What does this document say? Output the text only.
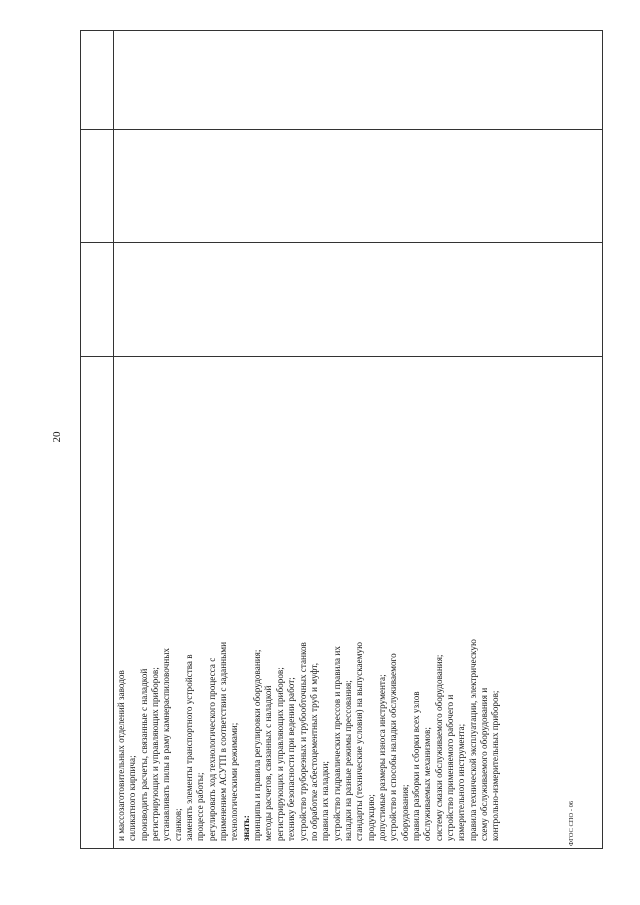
20
ФГОС СПО - 06
и массозаготовительных отделений заводов силикатного кирпича; производить расчеты, связанные с наладкой регистрирующих и управляющих приборов; устанавливать пилы в раму камнераспиловочных станков; заменять элементы транспортного устройства в процессе работы; регулировать ход технологического процесса с применением АСУТП в соответствии с заданными технологическими режимами; знать: принципы и правила регулировки оборудования; методы расчетов, связанных с наладкой регистрирующих и управляющих приборов; технику безопасности при ведении работ; устройство трубореэных и трубообточных станков по обработке асбестоцементных труб и муфт, правила их наладки; устройство гидравлических прессов и правила их наладки на разные режимы прессования; стандарты (технические условия) на выпускаемую продукцию; допустимые размеры износа инструмента; устройство и способы наладки обслуживаемого оборудования; правила разборки и сборки всех узлов обслуживаемых механизмов; систему смазки обслуживаемого оборудования; устройство применяемого рабочего и измерительного инструмента; правила технической эксплуатации, электрическую схему обслуживаемого оборудования и контрольно-измерительных приборов;
